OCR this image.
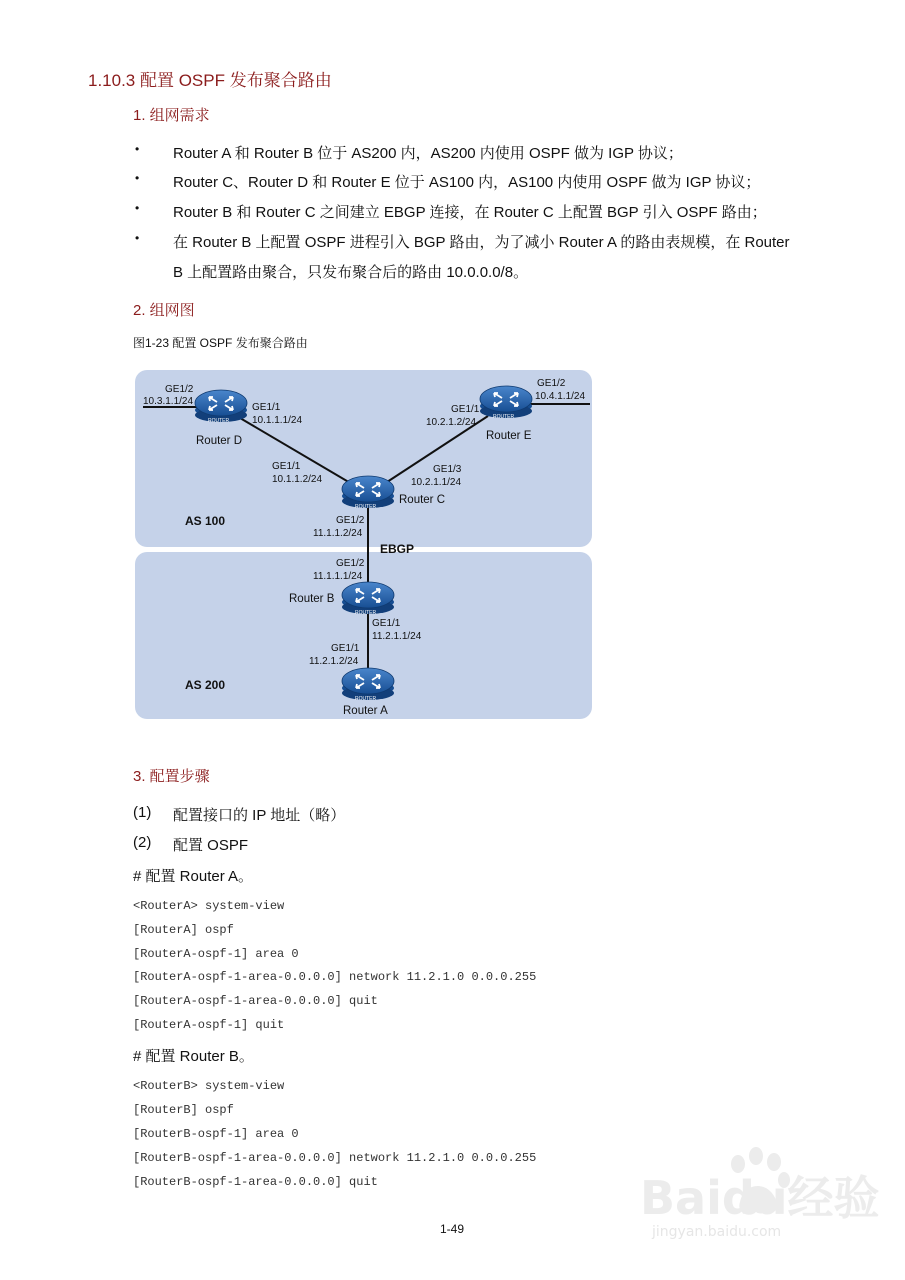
1.10.3 配置 OSPF 发布聚合路由
1. 组网需求
• Router A 和 Router B 位于 AS200 内，AS200 内使用 OSPF 做为 IGP 协议；
• Router C、Router D 和 Router E 位于 AS100 内，AS100 内使用 OSPF 做为 IGP 协议；
• Router B 和 Router C 之间建立 EBGP 连接，在 Router C 上配置 BGP 引入 OSPF 路由；
• 在 Router B 上配置 OSPF 进程引入 BGP 路由，为了减小 Router A 的路由表规模，在 Router
B 上配置路由聚合，只发布聚合后的路由 10.0.0.0/8。
2. 组网图
图1-23 配置 OSPF 发布聚合路由
ROUTER
ROUTER
ROUTER
ROUTER
ROUTER
Router D	Router E
Router C
Router B
Router A
AS 100
AS 200
EBGP
GE1/2
10.3.1.1/24
GE1/1
10.1.1.1/24
GE1/2
10.4.1.1/24
GE1/1
10.2.1.2/24
GE1/1
10.1.1.2/24
GE1/3
10.2.1.1/24
GE1/2
11.1.1.2/24
GE1/2
11.1.1.1/24
GE1/1
11.2.1.1/24
GE1/1
11.2.1.2/24
3. 配置步骤
(1) 配置接口的 IP 地址（略）
(2) 配置 OSPF
# 配置 Router A。
<RouterA> system-view
[RouterA] ospf
[RouterA-ospf-1] area 0
[RouterA-ospf-1-area-0.0.0.0] network 11.2.1.0 0.0.0.255
[RouterA-ospf-1-area-0.0.0.0] quit
[RouterA-ospf-1] quit
# 配置 Router B。
<RouterB> system-view
[RouterB] ospf
[RouterB-ospf-1] area 0
[RouterB-ospf-1-area-0.0.0.0] network 11.2.1.0 0.0.0.255
[RouterB-ospf-1-area-0.0.0.0] quit
1-49
Baidu经验
jingyan.baidu.com
